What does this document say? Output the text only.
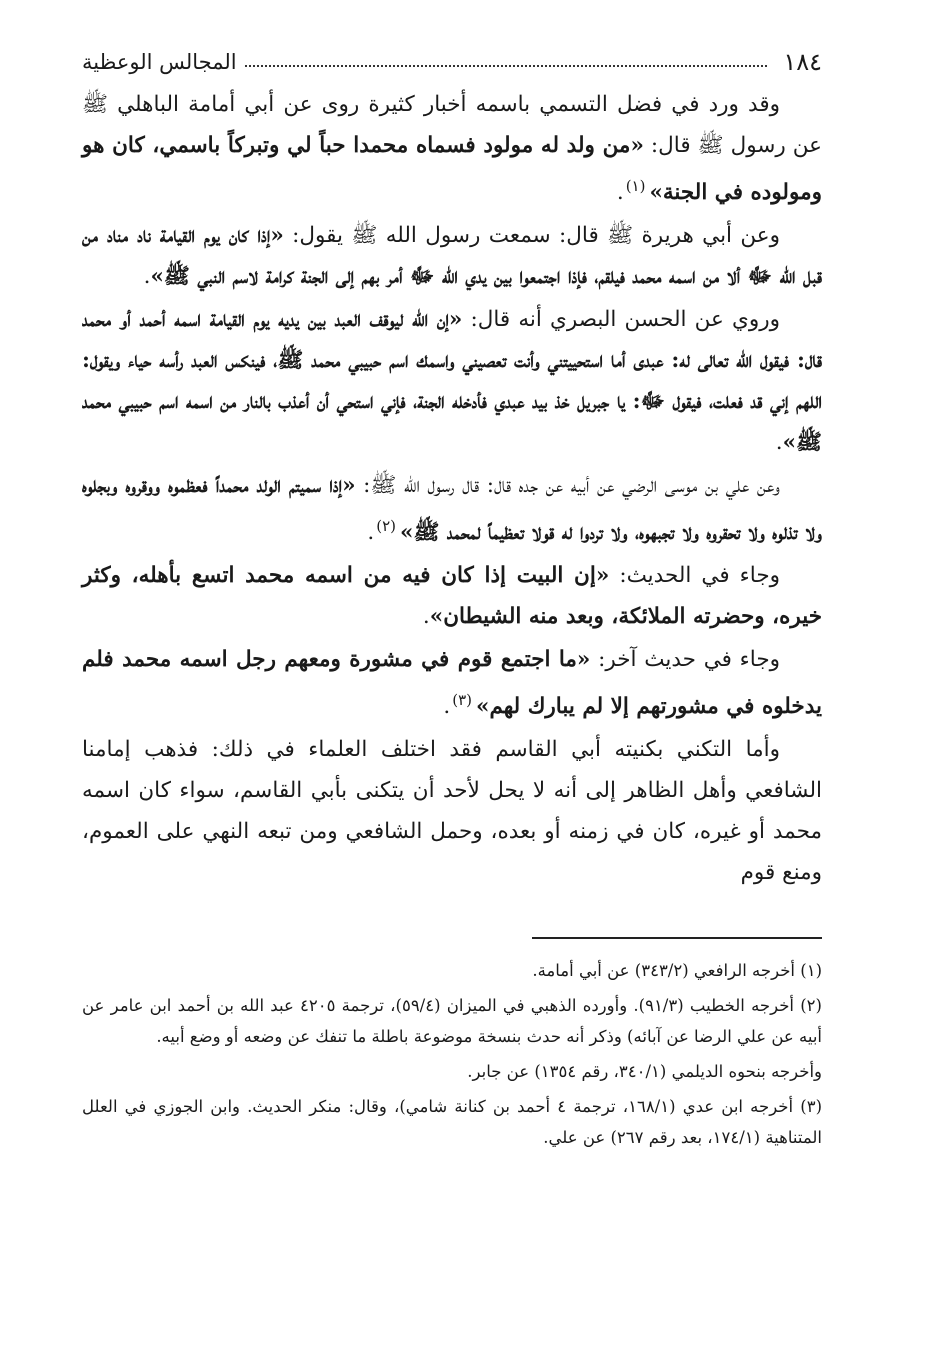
١٨٤
المجالس الوعظية

وقد ورد في فضل التسمي باسمه أخبار كثيرة روى عن أبي أمامة الباهلي ﷺ عن رسول ﷺ قال: «من ولد له مولود فسماه محمدا حباً لي وتبركاً باسمي، كان هو ومولوده في الجنة»$^{(١)}$.

وعن أبي هريرة ﷺ قال: سمعت رسول الله ﷺ يقول: «إذا كان يوم القيامة ناد مناد من قبل الله ﷻ ألا من اسمه محمد فيلقم، فإذا اجتمعوا بين يدي الله ﷻ أمر بهم إلى الجنة كرامة لاسم النبي ﷺ».

وروي عن الحسن البصري أنه قال: «إن الله ليوقف العبد بين يديه يوم القيامة اسمه أحمد أو محمد قال: فيقول الله تعالى له: عبدى أما استحييتني وأنت تعصيني واسمك اسم حبيبي محمد ﷺ، فينكس العبد رأسه حياء ويقول: اللهم إني قد فعلت، فيقول ﷻ: يا جبريل خذ بيد عبدي فأدخله الجنة، فإني استحي أن أعذب بالنار من اسمه اسم حبيبي محمد ﷺ».

وعن علي بن موسى الرضي عن أبيه عن جده قال: قال رسول الله ﷺ: «إذا سميتم الولد محمداً فعظموه ووقروه وبجلوه ولا تذلوه ولا تحقروه ولا تجبهوه، ولا تردوا له قولا تعظيماً لمحمد ﷺ»$^{(٢)}$.

وجاء في الحديث: «إن البيت إذا كان فيه من اسمه محمد اتسع بأهله، وكثر خيره، وحضرته الملائكة، وبعد منه الشيطان».

وجاء في حديث آخر: «ما اجتمع قوم في مشورة ومعهم رجل اسمه محمد فلم يدخلوه في مشورتهم إلا لم يبارك لهم»$^{(٣)}$.

وأما التكني بكنيته أبي القاسم فقد اختلف العلماء في ذلك: فذهب إمامنا الشافعي وأهل الظاهر إلى أنه لا يحل لأحد أن يتكنى بأبي القاسم، سواء كان اسمه محمد أو غيره، كان في زمنه أو بعده، وحمل الشافعي ومن تبعه النهي على العموم، ومنع قوم

(١) أخرجه الرافعي (٣٤٣/٢) عن أبي أمامة.

(٢) أخرجه الخطيب (٩١/٣). وأورده الذهبي في الميزان (٥٩/٤)، ترجمة ٤٢٠٥ عبد الله بن أحمد ابن عامر عن أبيه عن علي الرضا عن آبائه) وذكر أنه حدث بنسخة موضوعة باطلة ما تنفك عن وضعه أو وضع أبيه.

وأخرجه بنحوه الديلمي (٣٤٠/١، رقم ١٣٥٤) عن جابر.

(٣) أخرجه ابن عدي (١٦٨/١، ترجمة ٤ أحمد بن كنانة شامي)، وقال: منكر الحديث. وابن الجوزي في العلل المتناهية (١٧٤/١، بعد رقم ٢٦٧) عن علي.
